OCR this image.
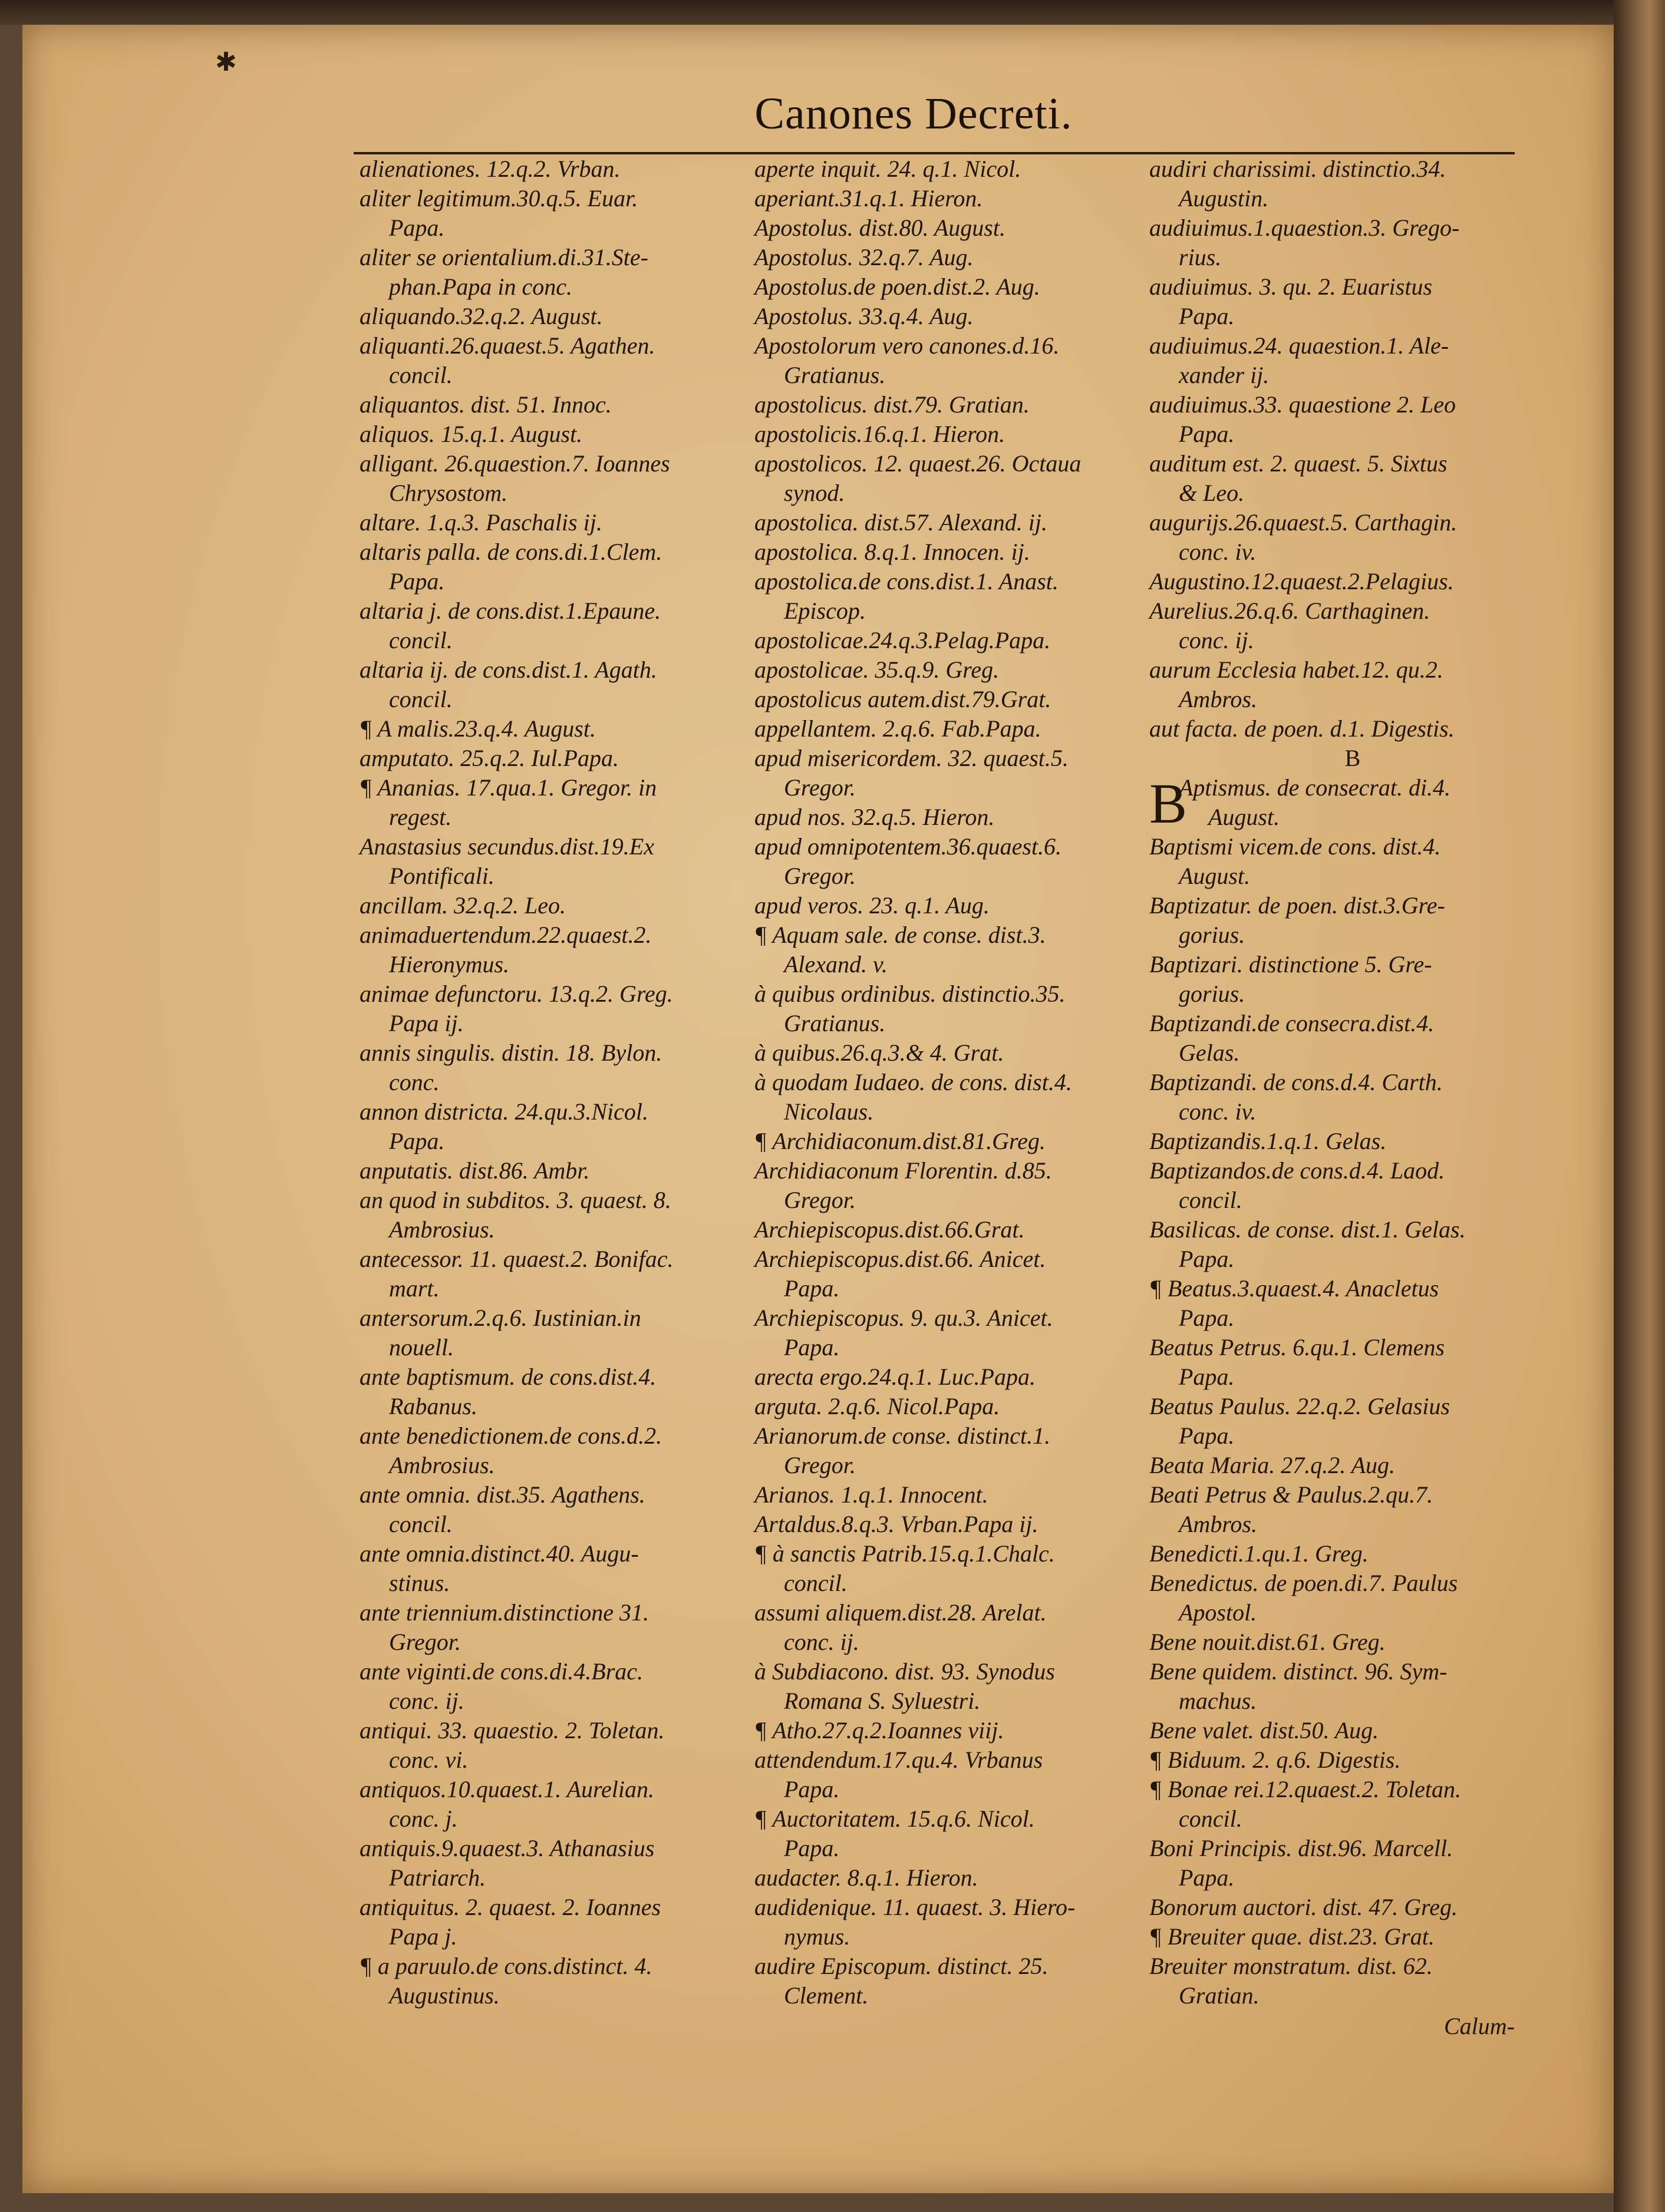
✱
Canones Decreti.
alienationes. 12.q.2. Vrban.
aliter legitimum.30.q.5. Euar.
Papa.
aliter se orientalium.di.31.Ste-
phan.Papa in conc.
aliquando.32.q.2. August.
aliquanti.26.quaest.5. Agathen.
concil.
aliquantos. dist. 51. Innoc.
aliquos. 15.q.1. August.
alligant. 26.quaestion.7. Ioannes
Chrysostom.
altare. 1.q.3. Paschalis ij.
altaris palla. de cons.di.1.Clem.
Papa.
altaria j. de cons.dist.1.Epaune.
concil.
altaria ij. de cons.dist.1. Agath.
concil.
¶ A malis.23.q.4. August.
amputato. 25.q.2. Iul.Papa.
¶ Ananias. 17.qua.1. Gregor. in
regest.
Anastasius secundus.dist.19.Ex
Pontificali.
ancillam. 32.q.2. Leo.
animaduertendum.22.quaest.2.
Hieronymus.
animae defunctoru. 13.q.2. Greg.
Papa ij.
annis singulis. distin. 18. Bylon.
conc.
annon districta. 24.qu.3.Nicol.
Papa.
anputatis. dist.86. Ambr.
an quod in subditos. 3. quaest. 8.
Ambrosius.
antecessor. 11. quaest.2. Bonifac.
mart.
antersorum.2.q.6. Iustinian.in
nouell.
ante baptismum. de cons.dist.4.
Rabanus.
ante benedictionem.de cons.d.2.
Ambrosius.
ante omnia. dist.35. Agathens.
concil.
ante omnia.distinct.40. Augu-
stinus.
ante triennium.distinctione 31.
Gregor.
ante viginti.de cons.di.4.Brac.
conc. ij.
antiqui. 33. quaestio. 2. Toletan.
conc. vi.
antiquos.10.quaest.1. Aurelian.
conc. j.
antiquis.9.quaest.3. Athanasius
Patriarch.
antiquitus. 2. quaest. 2. Ioannes
Papa j.
¶ a paruulo.de cons.distinct. 4.
Augustinus.
aperte inquit. 24. q.1. Nicol.
aperiant.31.q.1. Hieron.
Apostolus. dist.80. August.
Apostolus. 32.q.7. Aug.
Apostolus.de poen.dist.2. Aug.
Apostolus. 33.q.4. Aug.
Apostolorum vero canones.d.16.
Gratianus.
apostolicus. dist.79. Gratian.
apostolicis.16.q.1. Hieron.
apostolicos. 12. quaest.26. Octaua
synod.
apostolica. dist.57. Alexand. ij.
apostolica. 8.q.1. Innocen. ij.
apostolica.de cons.dist.1. Anast.
Episcop.
apostolicae.24.q.3.Pelag.Papa.
apostolicae. 35.q.9. Greg.
apostolicus autem.dist.79.Grat.
appellantem. 2.q.6. Fab.Papa.
apud misericordem. 32. quaest.5.
Gregor.
apud nos. 32.q.5. Hieron.
apud omnipotentem.36.quaest.6.
Gregor.
apud veros. 23. q.1. Aug.
¶ Aquam sale. de conse. dist.3.
Alexand. v.
à quibus ordinibus. distinctio.35.
Gratianus.
à quibus.26.q.3.& 4. Grat.
à quodam Iudaeo. de cons. dist.4.
Nicolaus.
¶ Archidiaconum.dist.81.Greg.
Archidiaconum Florentin. d.85.
Gregor.
Archiepiscopus.dist.66.Grat.
Archiepiscopus.dist.66. Anicet.
Papa.
Archiepiscopus. 9. qu.3. Anicet.
Papa.
arecta ergo.24.q.1. Luc.Papa.
arguta. 2.q.6. Nicol.Papa.
Arianorum.de conse. distinct.1.
Gregor.
Arianos. 1.q.1. Innocent.
Artaldus.8.q.3. Vrban.Papa ij.
¶ à sanctis Patrib.15.q.1.Chalc.
concil.
assumi aliquem.dist.28. Arelat.
conc. ij.
à Subdiacono. dist. 93. Synodus
Romana S. Syluestri.
¶ Atho.27.q.2.Ioannes viij.
attendendum.17.qu.4. Vrbanus
Papa.
¶ Auctoritatem. 15.q.6. Nicol.
Papa.
audacter. 8.q.1. Hieron.
audidenique. 11. quaest. 3. Hiero-
nymus.
audire Episcopum. distinct. 25.
Clement.
audiri charissimi. distinctio.34.
Augustin.
audiuimus.1.quaestion.3. Grego-
rius.
audiuimus. 3. qu. 2. Euaristus
Papa.
audiuimus.24. quaestion.1. Ale-
xander ij.
audiuimus.33. quaestione 2. Leo
Papa.
auditum est. 2. quaest. 5. Sixtus
& Leo.
augurijs.26.quaest.5. Carthagin.
conc. iv.
Augustino.12.quaest.2.Pelagius.
Aurelius.26.q.6. Carthaginen.
conc. ij.
aurum Ecclesia habet.12. qu.2.
Ambros.
aut facta. de poen. d.1. Digestis.
B
B
Aptismus. de consecrat. di.4.
August.
Baptismi vicem.de cons. dist.4.
August.
Baptizatur. de poen. dist.3.Gre-
gorius.
Baptizari. distinctione 5. Gre-
gorius.
Baptizandi.de consecra.dist.4.
Gelas.
Baptizandi. de cons.d.4. Carth.
conc. iv.
Baptizandis.1.q.1. Gelas.
Baptizandos.de cons.d.4. Laod.
concil.
Basilicas. de conse. dist.1. Gelas.
Papa.
¶ Beatus.3.quaest.4. Anacletus
Papa.
Beatus Petrus. 6.qu.1. Clemens
Papa.
Beatus Paulus. 22.q.2. Gelasius
Papa.
Beata Maria. 27.q.2. Aug.
Beati Petrus & Paulus.2.qu.7.
Ambros.
Benedicti.1.qu.1. Greg.
Benedictus. de poen.di.7. Paulus
Apostol.
Bene nouit.dist.61. Greg.
Bene quidem. distinct. 96. Sym-
machus.
Bene valet. dist.50. Aug.
¶ Biduum. 2. q.6. Digestis.
¶ Bonae rei.12.quaest.2. Toletan.
concil.
Boni Principis. dist.96. Marcell.
Papa.
Bonorum auctori. dist. 47. Greg.
¶ Breuiter quae. dist.23. Grat.
Breuiter monstratum. dist. 62.
Gratian.
Calum-
